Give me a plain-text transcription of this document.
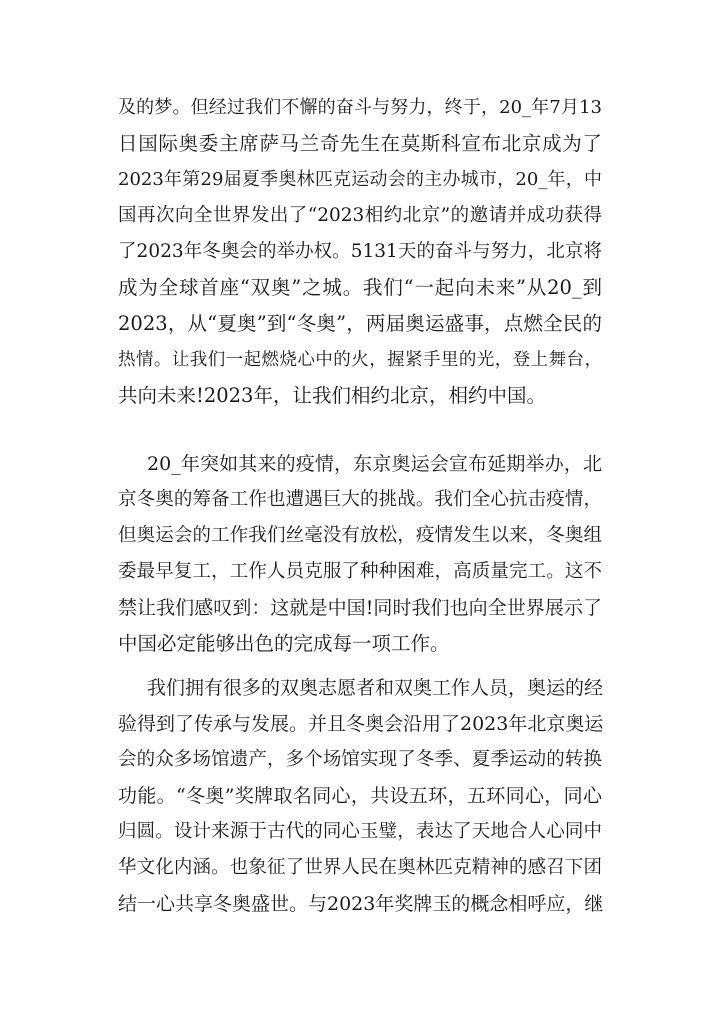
及的梦。但经过我们不懈的奋斗与努力，终于，20_年7月13
日国际奥委主席萨马兰奇先生在莫斯科宣布北京成为了
2023年第29届夏季奥林匹克运动会的主办城市，20_年，中
国再次向全世界发出了“2023相约北京”的邀请并成功获得
了2023年冬奥会的举办权。5131天的奋斗与努力，北京将
成为全球首座“双奥”之城。我们“一起向未来”从20_到
2023，从“夏奥”到“冬奥”，两届奥运盛事，点燃全民的
热情。让我们一起燃烧心中的火，握紧手里的光，登上舞台，
共向未来!2023年，让我们相约北京，相约中国。
20_年突如其来的疫情，东京奥运会宣布延期举办，北
京冬奥的筹备工作也遭遇巨大的挑战。我们全心抗击疫情，
但奥运会的工作我们丝毫没有放松，疫情发生以来，冬奥组
委最早复工，工作人员克服了种种困难，高质量完工。这不
禁让我们感叹到：这就是中国!同时我们也向全世界展示了
中国必定能够出色的完成每一项工作。
我们拥有很多的双奥志愿者和双奥工作人员，奥运的经
验得到了传承与发展。并且冬奥会沿用了2023年北京奥运
会的众多场馆遗产，多个场馆实现了冬季、夏季运动的转换
功能。“冬奥”奖牌取名同心，共设五环，五环同心，同心
归圆。设计来源于古代的同心玉璧，表达了天地合人心同中
华文化内涵。也象征了世界人民在奥林匹克精神的感召下团
结一心共享冬奥盛世。与2023年奖牌玉的概念相呼应，继
